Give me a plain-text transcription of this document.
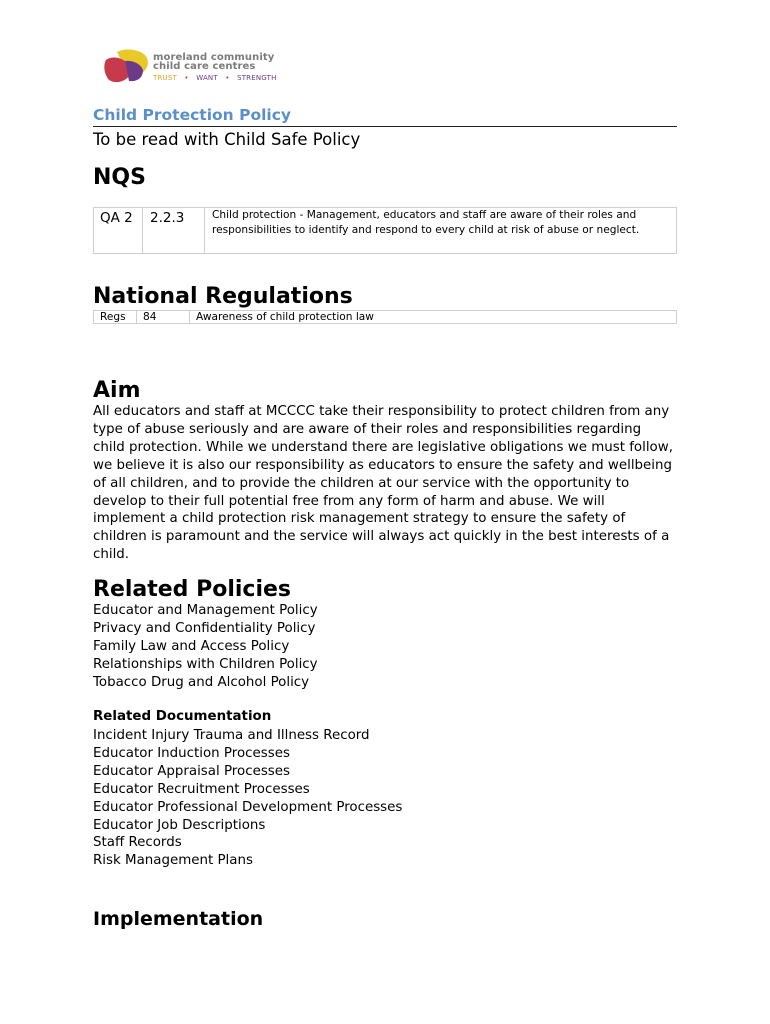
moreland community
child care centres
TRUST • WANT • STRENGTH
Child Protection Policy
To be read with Child Safe Policy
NQS
QA 2	2.2.3	Child protection - Management, educators and staff are aware of their roles and responsibilities to identify and respond to every child at risk of abuse or neglect.
National Regulations
Regs	84	Awareness of child protection law
Aim
All educators and staff at MCCCC take their responsibility to protect children from any type of abuse seriously and are aware of their roles and responsibilities regarding child protection. While we understand there are legislative obligations we must follow, we believe it is also our responsibility as educators to ensure the safety and wellbeing of all children, and to provide the children at our service with the opportunity to develop to their full potential free from any form of harm and abuse. We will implement a child protection risk management strategy to ensure the safety of children is paramount and the service will always act quickly in the best interests of a child.
Related Policies
Educator and Management Policy
Privacy and Confidentiality Policy
Family Law and Access Policy
Relationships with Children Policy
Tobacco Drug and Alcohol Policy
Related Documentation
Incident Injury Trauma and Illness Record
Educator Induction Processes
Educator Appraisal Processes
Educator Recruitment Processes
Educator Professional Development Processes
Educator Job Descriptions
Staff Records
Risk Management Plans
Implementation
